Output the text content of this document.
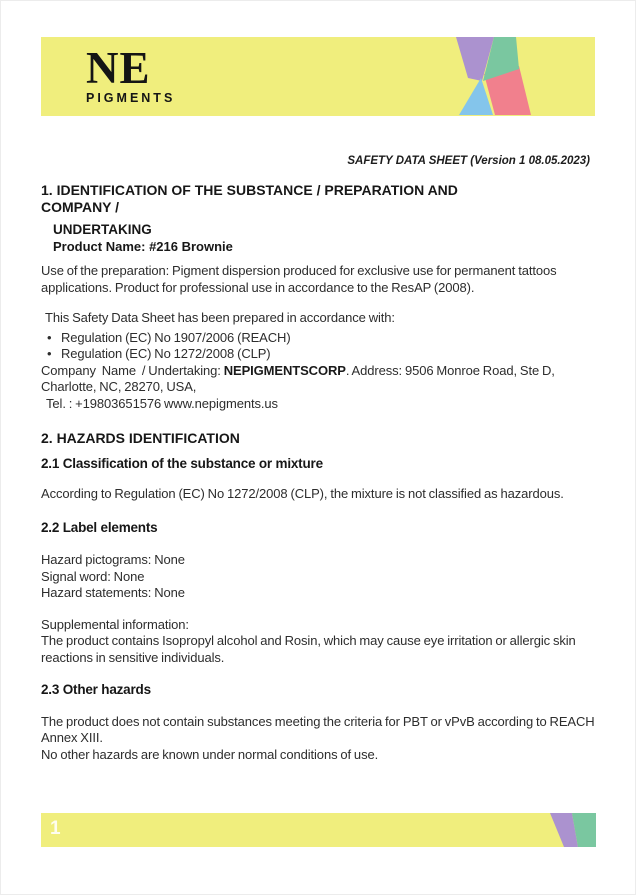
NE
PIGMENTS
SAFETY DATA SHEET (Version 1 08.05.2023)
1. IDENTIFICATION OF THE SUBSTANCE / PREPARATION AND
COMPANY /
UNDERTAKING
Product Name: #216 Brownie
Use of the preparation: Pigment dispersion produced for exclusive use for permanent tattoos applications. Product for professional use in accordance to the ResAP (2008).
This Safety Data Sheet has been prepared in accordance with:
• Regulation (EC) No 1907/2006 (REACH)
• Regulation (EC) No 1272/2008 (CLP)
Company  Name  / Undertaking: NEPIGMENTSCORP. Address: 9506 Monroe Road, Ste D, Charlotte, NC, 28270, USA,
Tel. : +19803651576 www.nepigments.us
2. HAZARDS IDENTIFICATION
2.1 Classification of the substance or mixture
According to Regulation (EC) No 1272/2008 (CLP), the mixture is not classified as hazardous.
2.2 Label elements
Hazard pictograms: None
Signal word: None
Hazard statements: None
Supplemental information:
The product contains Isopropyl alcohol and Rosin, which may cause eye irritation or allergic skin reactions in sensitive individuals.
2.3 Other hazards
The product does not contain substances meeting the criteria for PBT or vPvB according to REACH Annex XIII.
No other hazards are known under normal conditions of use.
1
